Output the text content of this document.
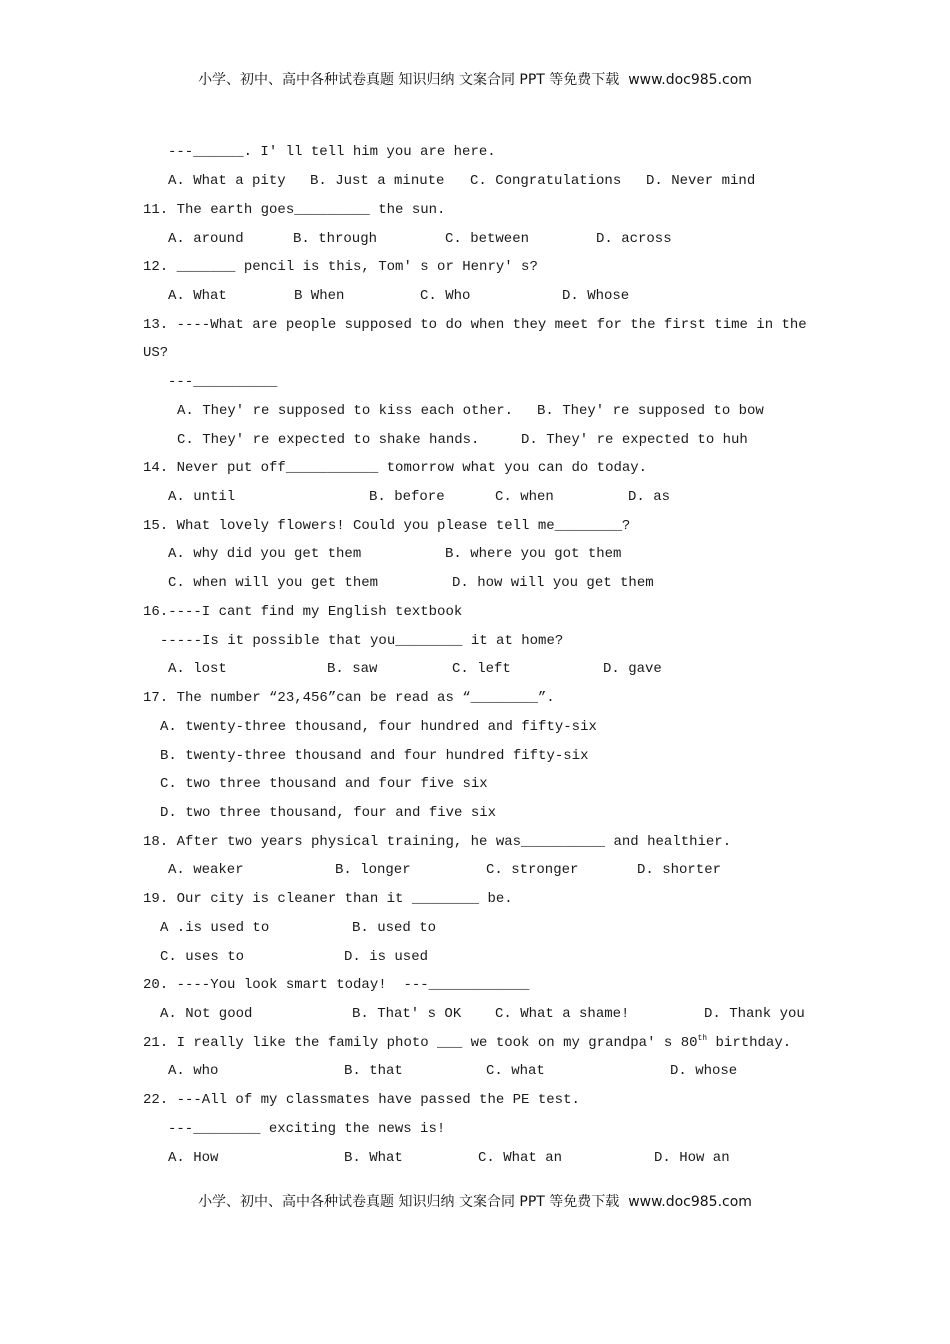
小学、初中、高中各种试卷真题 知识归纳 文案合同 PPT 等免费下载  www.doc985.com
---______. I' ll tell him you are here.
A. What a pity B. Just a minute C. Congratulations D. Never mind
11. The earth goes_________ the sun.
A. around	B. through	C. between	D. across
12. _______ pencil is this, Tom' s or Henry' s?
A. What	B When	C. Who	D. Whose
13. ----What are people supposed to do when they meet for the first time in the
US?
---__________
A. They' re supposed to kiss each other. B. They' re supposed to bow
C. They' re expected to shake hands.	D. They' re expected to huh
14. Never put off___________ tomorrow what you can do today.
A. until	B. before	C. when	D. as
15. What lovely flowers! Could you please tell me________?
A. why did you get them	B. where you got them
C. when will you get them	D. how will you get them
16.----I cant find my English textbook
-----Is it possible that you________ it at home?
A. lost	B. saw	C. left	D. gave
17. The number “23,456”can be read as “________”.
A. twenty-three thousand, four hundred and fifty-six
B. twenty-three thousand and four hundred fifty-six
C. two three thousand and four five six
D. two three thousand, four and five six
18. After two years physical training, he was__________ and healthier.
A. weaker	B. longer	C. stronger	D. shorter
19. Our city is cleaner than it ________ be.
A .is used to	B. used to
C. uses to	D. is used
20. ----You look smart today!  ---____________
A. Not good	B. That' s OK C. What a shame!	D. Thank you
21. I really like the family photo ___ we took on my grandpa' s 80th birthday.
A. who	B. that	C. what	D. whose
22. ---All of my classmates have passed the PE test.
---________ exciting the news is!
A. How	B. What	C. What an	D. How an
小学、初中、高中各种试卷真题 知识归纳 文案合同 PPT 等免费下载  www.doc985.com
